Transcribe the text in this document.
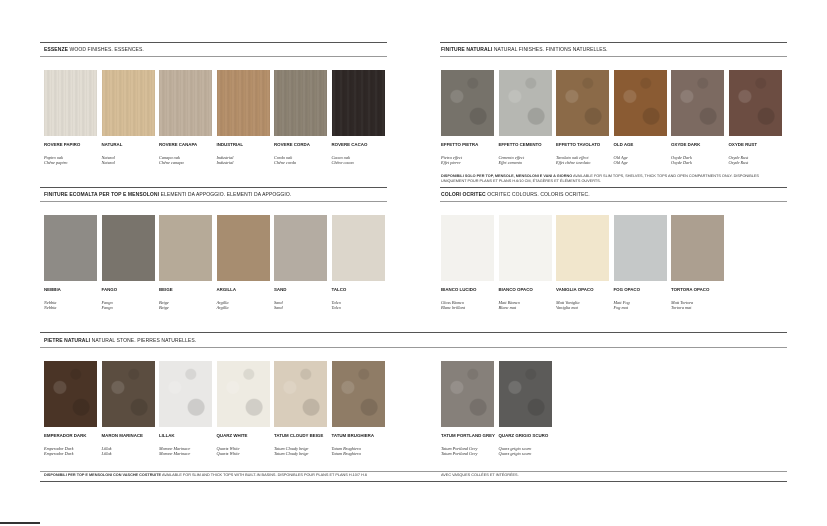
ESSENZE WOOD FINISHES. ESSENCES.
ROVERE PAPIRO
Papiro oak
Chêne papiro
NATURAL
Natural
Natural
ROVERE CANAPA
Canapa oak
Chêne canapa
INDUSTRIAL
Industrial
Industrial
ROVERE CORDA
Corda oak
Chêne corda
ROVERE CACAO
Cacao oak
Chêne cacao
FINITURE NATURALI NATURAL FINISHES. FINITIONS NATURELLES.
EFFETTO PIETRA
Pietra effect
Effet pierre
EFFETTO CEMENTO
Cemento effect
Effet cemento
EFFETTO TAVOLATO
Tavolato oak effect
Effet chêne tavolato
OLD AGE
Old Age
Old Age
OXYDE DARK
Oxyde Dark
Oxyde Dark
OXYDE RUST
Oxyde Rust
Oxyde Rust
DISPONIBILI SOLO PER TOP, MENSOLE, MENSOLONI E VANI A GIORNO AVAILABLE FOR SLIM TOPS, SHELVES, THICK TOPS AND OPEN COMPARTMENTS ONLY. DISPONIBLES
UNIQUEMENT POUR PLANS ET PLANS H.6/10 CM, ÉTAGÈRES ET ÉLÉMENTS OUVERTS.
FINITURE ECOMALTA PER TOP E MENSOLONI ELEMENTI DA APPOGGIO. ELEMENTI DA APPOGGIO.
NEBBIA
Nebbia
Nebbia
FANGO
Fango
Fango
BEIGE
Beige
Beige
ARGILLA
Argilla
Argilla
SAND
Sand
Sand
TALCO
Talco
Talco
COLORI OCRITEC OCRITEC COLOURS. COLORIS OCRITEC.
BIANCO LUCIDO
Gloss Bianco
Blanc brillant
BIANCO OPACO
Matt Bianco
Blanc mat
VANIGLIA OPACO
Matt Vaniglia
Vaniglia mat
FOG OPACO
Matt Fog
Fog mat
TORTORA OPACO
Matt Tortora
Tortora mat
PIETRE NATURALI NATURAL STONE. PIERRES NATURELLES.
EMPERADOR DARK
Emperador Dark
Emperador Dark
MARON MARINACE
Lillak
Lillak
LILLAK
Marone Marinace
Marone Marinace
QUARZ WHITE
Quartz White
Quartz White
TATUM CLOUDY BEIGE
Tatum Cloudy beige
Tatum Cloudy beige
TATUM BRUGHIERA
Tatum Brughiera
Tatum Brughiera
TATUM PORTLAND GREY
Tatum Portland Grey
Tatum Portland Grey
QUARZ GRIGIO SCURO
Quarz grigio scuro
Quarz grigio scuro
DISPONIBILI PER TOP E MENSOLONI CON VASCHE COSTRUITE AVAILABLE FOR SLIM AND THICK TOPS WITH BUILT-IN BASINS. DISPONIBLES POUR PLANS ET PLANS H.10/7 H.6	AVEC VASQUES COLLÉES ET INTÉGRÉES.
